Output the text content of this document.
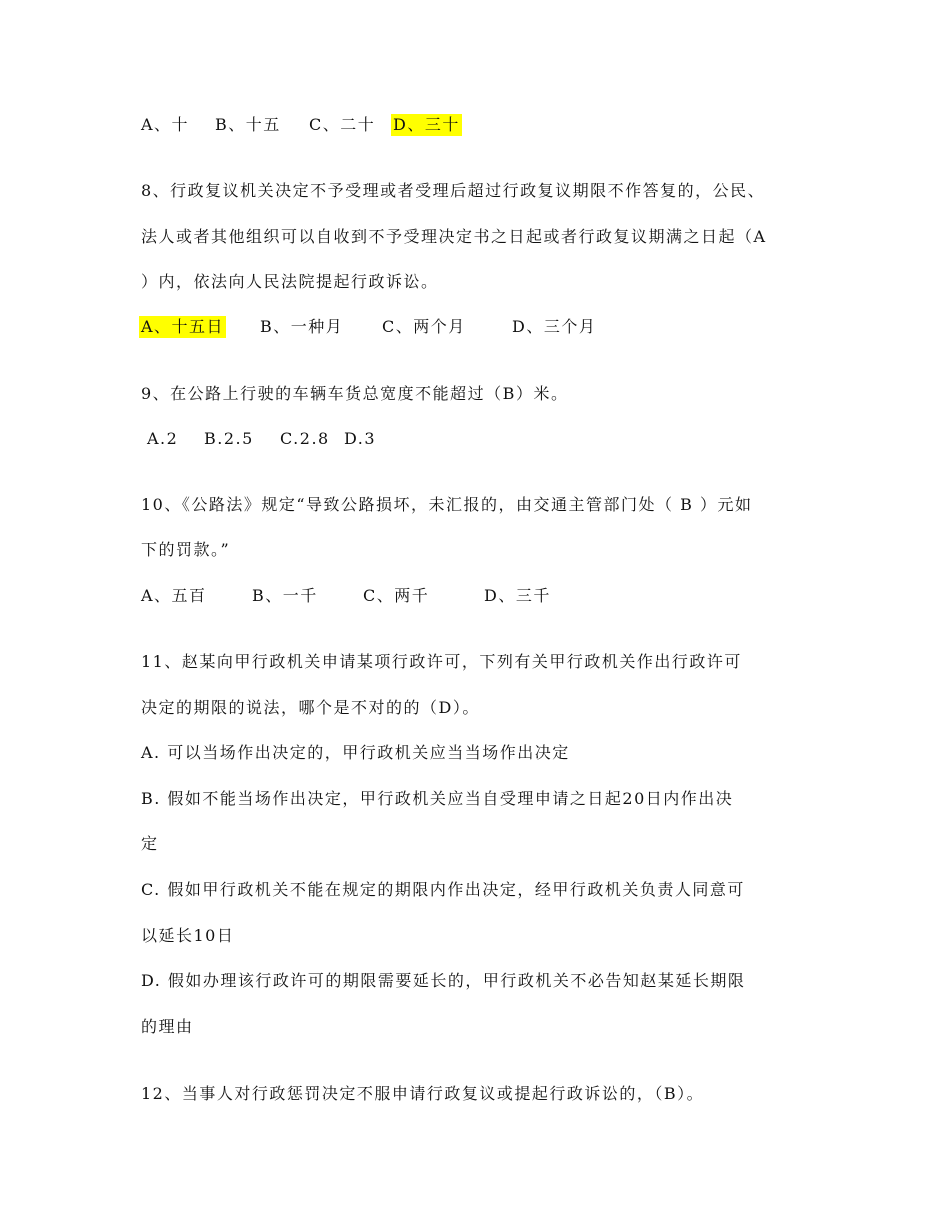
A、十 B、十五 C、二十 D、三十
8、行政复议机关决定不予受理或者受理后超过行政复议期限不作答复的，公民、
法人或者其他组织可以自收到不予受理决定书之日起或者行政复议期满之日起（A
）内，依法向人民法院提起行政诉讼。
A、十五日 B、一种月 C、两个月	D、三个月
9、在公路上行驶的车辆车货总宽度不能超过（B）米。
A.2 B.2.5 C.2.8 D.3
10、《公路法》规定“导致公路损坏，未汇报的，由交通主管部门处（ B ）元如
下的罚款。”
A、五百	B、一千	C、两千	D、三千
11、赵某向甲行政机关申请某项行政许可，下列有关甲行政机关作出行政许可
决定的期限的说法，哪个是不对的的（D）。
A. 可以当场作出决定的，甲行政机关应当当场作出决定
B. 假如不能当场作出决定，甲行政机关应当自受理申请之日起20日内作出决
定
C. 假如甲行政机关不能在规定的期限内作出决定，经甲行政机关负责人同意可
以延长10日
D. 假如办理该行政许可的期限需要延长的，甲行政机关不必告知赵某延长期限
的理由
12、当事人对行政惩罚决定不服申请行政复议或提起行政诉讼的，（B）。
